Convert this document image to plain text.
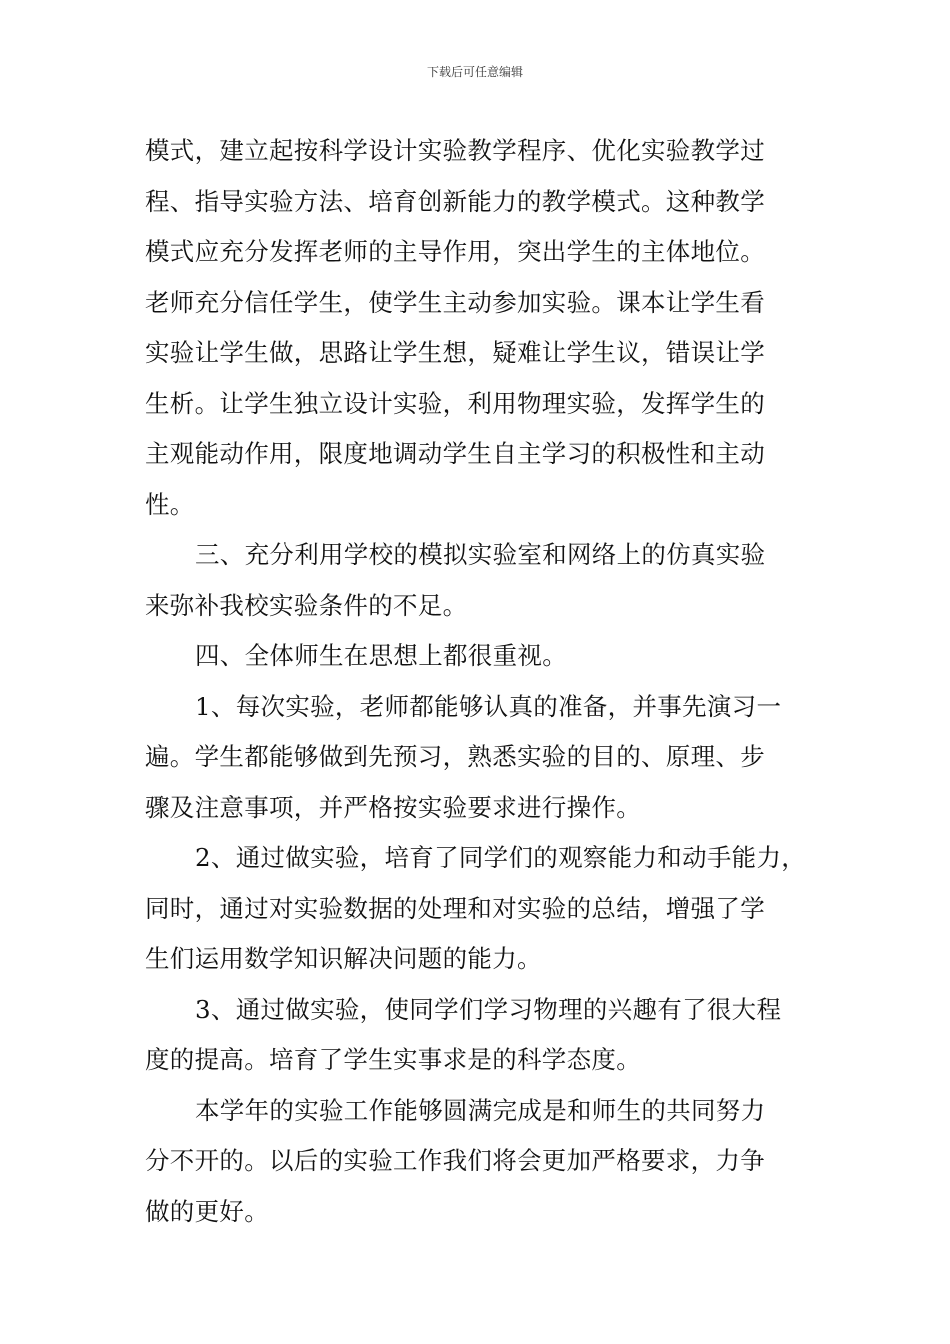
下载后可任意编辑
模式，建立起按科学设计实验教学程序、优化实验教学过
程、指导实验方法、培育创新能力的教学模式。这种教学
模式应充分发挥老师的主导作用，突出学生的主体地位。
老师充分信任学生，使学生主动参加实验。课本让学生看
实验让学生做，思路让学生想，疑难让学生议，错误让学
生析。让学生独立设计实验，利用物理实验，发挥学生的
主观能动作用，限度地调动学生自主学习的积极性和主动
性。
三、充分利用学校的模拟实验室和网络上的仿真实验
来弥补我校实验条件的不足。
四、全体师生在思想上都很重视。
1、每次实验，老师都能够认真的准备，并事先演习一
遍。学生都能够做到先预习，熟悉实验的目的、原理、步
骤及注意事项，并严格按实验要求进行操作。
2、通过做实验，培育了同学们的观察能力和动手能力，
同时，通过对实验数据的处理和对实验的总结，增强了学
生们运用数学知识解决问题的能力。
3、通过做实验，使同学们学习物理的兴趣有了很大程
度的提高。培育了学生实事求是的科学态度。
本学年的实验工作能够圆满完成是和师生的共同努力
分不开的。以后的实验工作我们将会更加严格要求，力争
做的更好。
